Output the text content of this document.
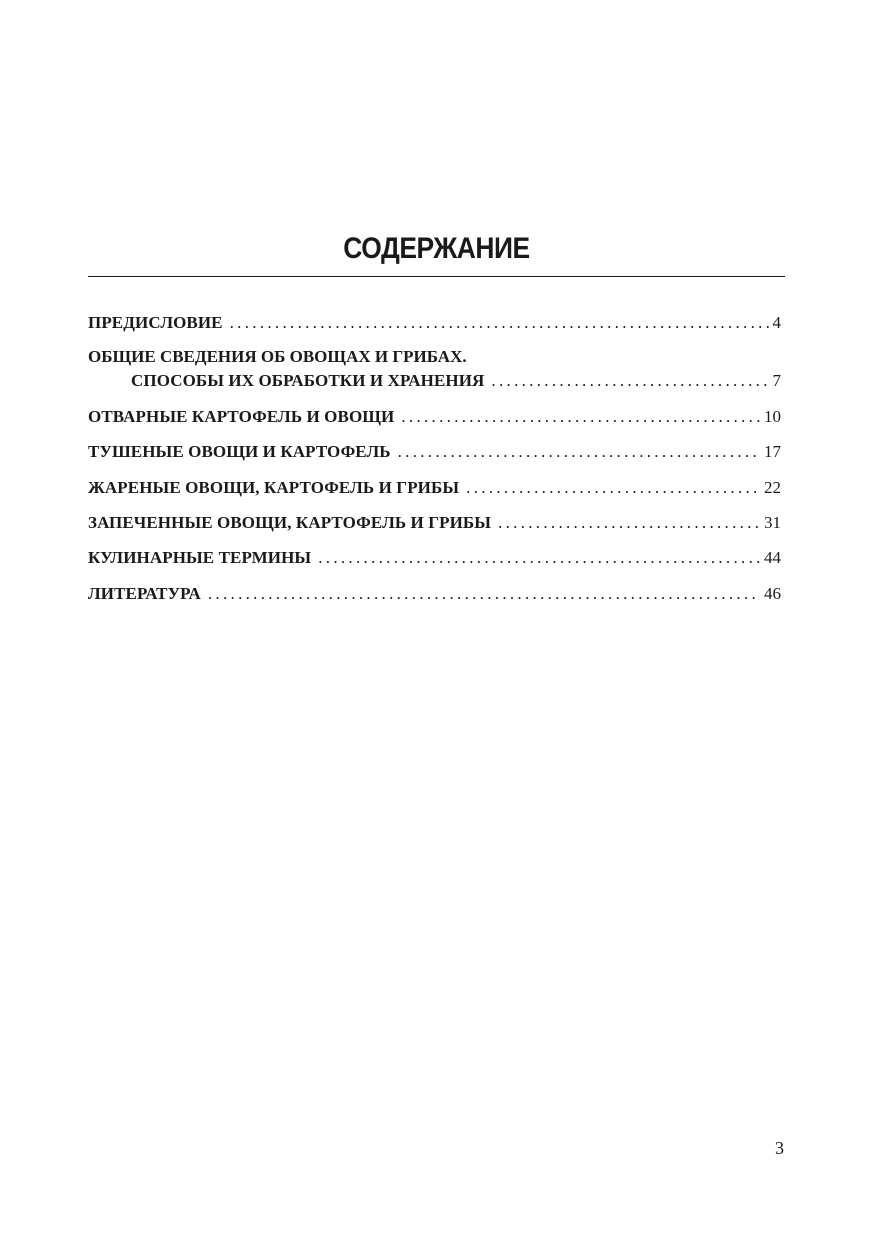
СОДЕРЖАНИЕ
ПРЕДИСЛОВИЕ .....	4
ОБЩИЕ СВЕДЕНИЯ ОБ ОВОЩАХ И ГРИБАХ.
СПОСОБЫ ИХ ОБРАБОТКИ И ХРАНЕНИЯ .....	7
ОТВАРНЫЕ КАРТОФЕЛЬ И ОВОЩИ .....	10
ТУШЕНЫЕ ОВОЩИ И КАРТОФЕЛЬ .....	17
ЖАРЕНЫЕ ОВОЩИ, КАРТОФЕЛЬ И ГРИБЫ .....	22
ЗАПЕЧЕННЫЕ ОВОЩИ, КАРТОФЕЛЬ И ГРИБЫ .....	31
КУЛИНАРНЫЕ ТЕРМИНЫ .....	44
ЛИТЕРАТУРА .....	46
3
